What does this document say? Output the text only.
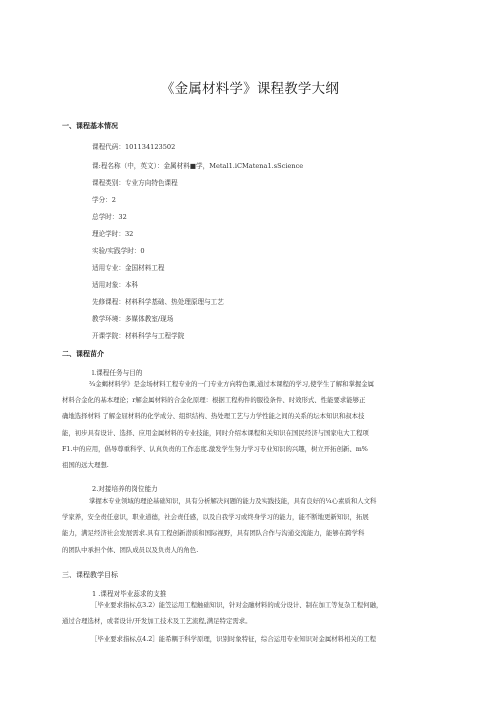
《金属材料学》课程教学大纲
一、课程基本情况
课程代码：101134123502
课:程名称（中，英文）：金属材料■学，Metal1.iCMatena1.sScience
课程类别：专业方向特色课程
学分：2
总学时：32
理论学时：32
实验/实践学时：0
适用专业：金国材料工程
适用对象：本科
先修课程：材料科学基础、热处理原理与工艺
教学环境：多媒体教室/现场
开课学院：材料科学与工程学院
二、课程苗介
l.课程任务与目的
¾金蝎材料学》是金场材料工程专业的一门专业方向特色课,通过本课程的学习,使学生了解和掌握金属
材料合金化的基本理论；r解金属材料的合金化原理：根据工程构件的服役条件、时效形式、性能要求能够正
确地选择材料 了解金屈材料的化学成分、组织结构、热处理工艺与力学性能之间的关系的坛本知识和叔本技
能，初步具有设计、选择、应用金属材料的专业技能，同时介绍本课程和关知识在国民经济与国家电大工程项
F1.中的应用，倡导尊重科学、认真负责的工作态度.激发学生努力学习专业知识的兴趣，树立开拓创新、m%
祖国的远大理想.
2.对接培养的岗位能力
掌握本专业领域的理论基础知识，具有分析解决问题的能力及实践技能，具有良好的¼心素质和人文科
学家养，安全责任意识，职业道德，社会责任感，以及自我学习或终身学习的能力，能不断地更新知识，拓展
能力，满足经济社会发展需求.具有工程创新潜质和国际视野，具有团队合作与沟通交流能力，能够在跨学科
的团队中承担个体、团队成员以及负责人的角色.
三、课程教学目标
1 .课程对毕业蕊求的支推
［毕业要求指标点3.2）能笠运用工程触础知识，针对金融材料的成分设计、制在加工等复杂工程何融，
通过合理选材，或者设计/开发加工技术及工艺流程,满足特定需求。
［毕业要求指标点4.2］能希耦于科学原理，识别时象特征，综合运用专业知识对金属材料相关的工程
